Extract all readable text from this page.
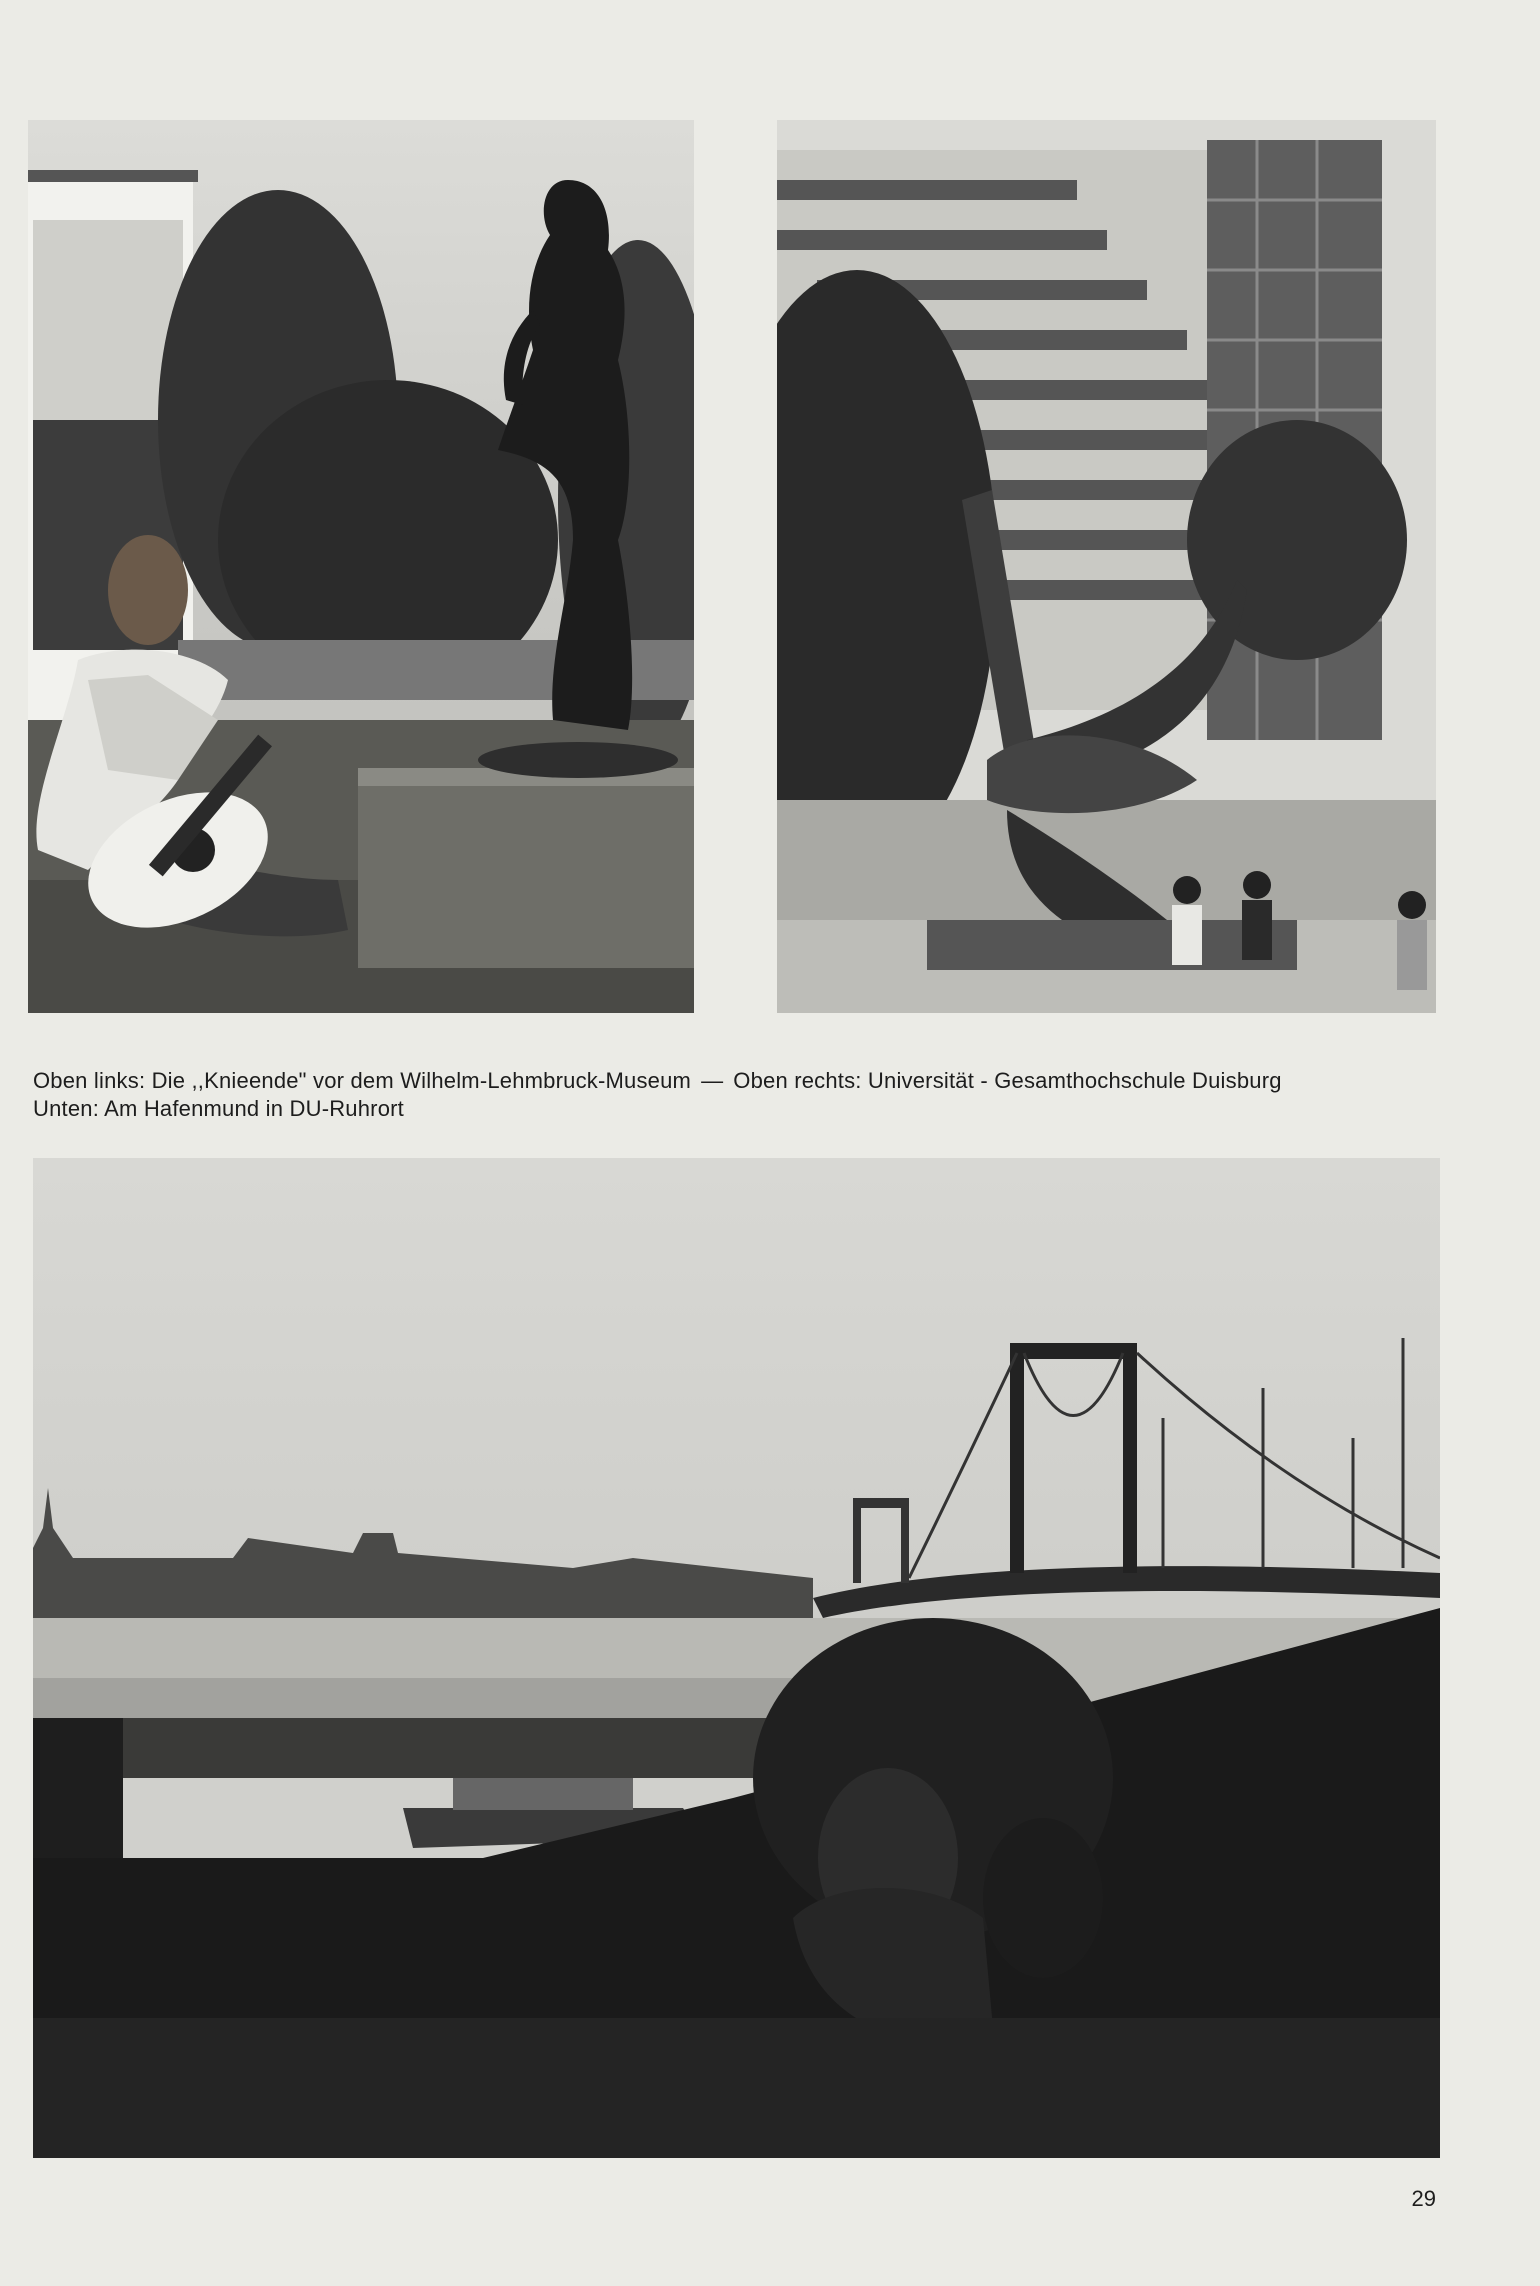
Oben links: Die ,,Knieende" vor dem Wilhelm-Lehmbruck-Museum — Oben rechts: Universität - Gesamthochschule Duisburg
Unten: Am Hafenmund in DU-Ruhrort
29
